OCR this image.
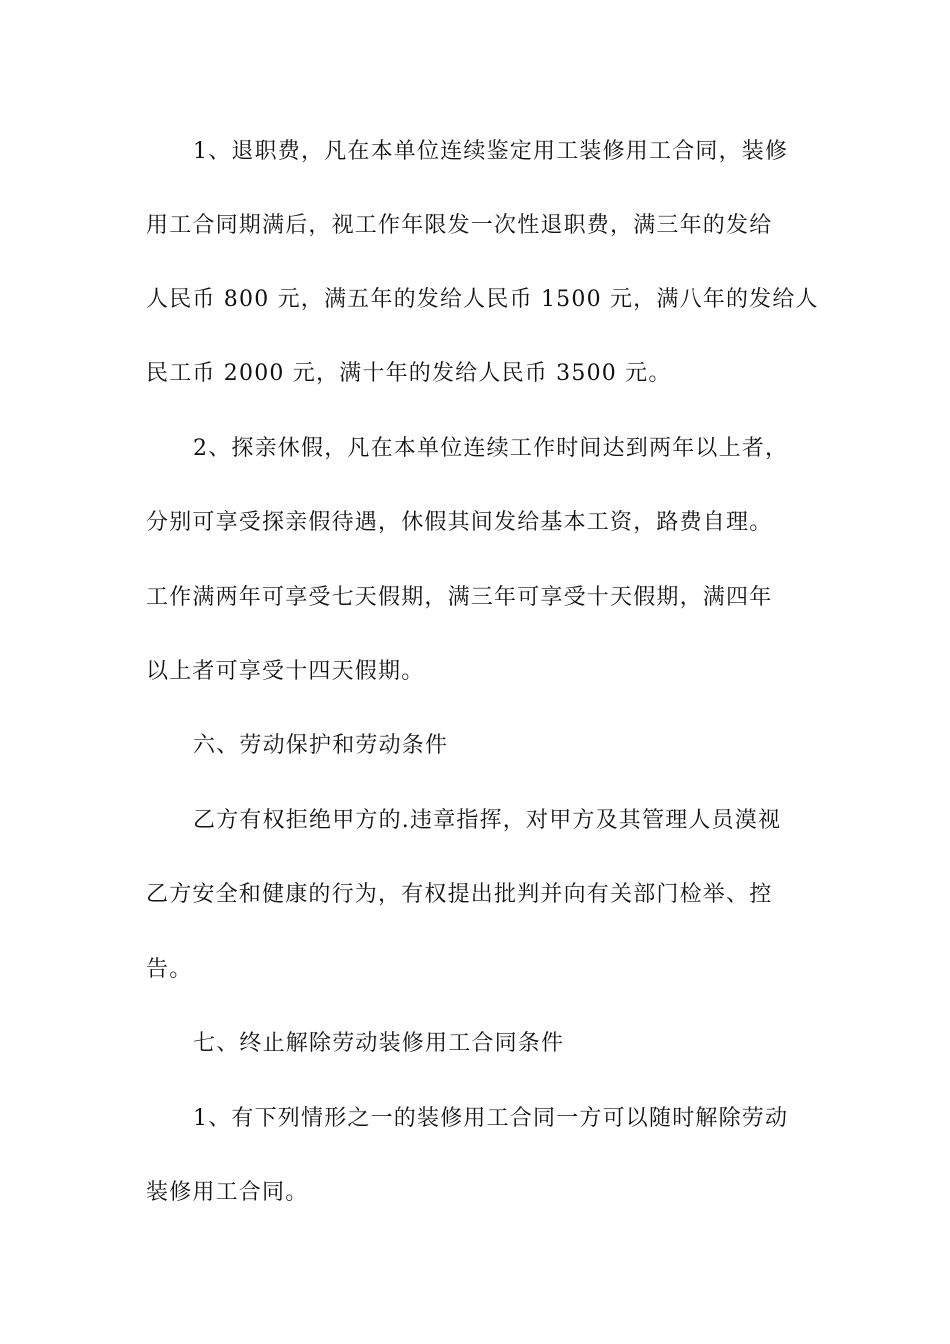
1、退职费，凡在本单位连续鉴定用工装修用工合同，装修
用工合同期满后，视工作年限发一次性退职费，满三年的发给
人民币 800 元，满五年的发给人民币 1500 元，满八年的发给人
民工币 2000 元，满十年的发给人民币 3500 元。
2、探亲休假，凡在本单位连续工作时间达到两年以上者，
分别可享受探亲假待遇，休假其间发给基本工资，路费自理。
工作满两年可享受七天假期，满三年可享受十天假期，满四年
以上者可享受十四天假期。
六、劳动保护和劳动条件
乙方有权拒绝甲方的.违章指挥，对甲方及其管理人员漠视
乙方安全和健康的行为，有权提出批判并向有关部门检举、控
告。
七、终止解除劳动装修用工合同条件
1、有下列情形之一的装修用工合同一方可以随时解除劳动
装修用工合同。
